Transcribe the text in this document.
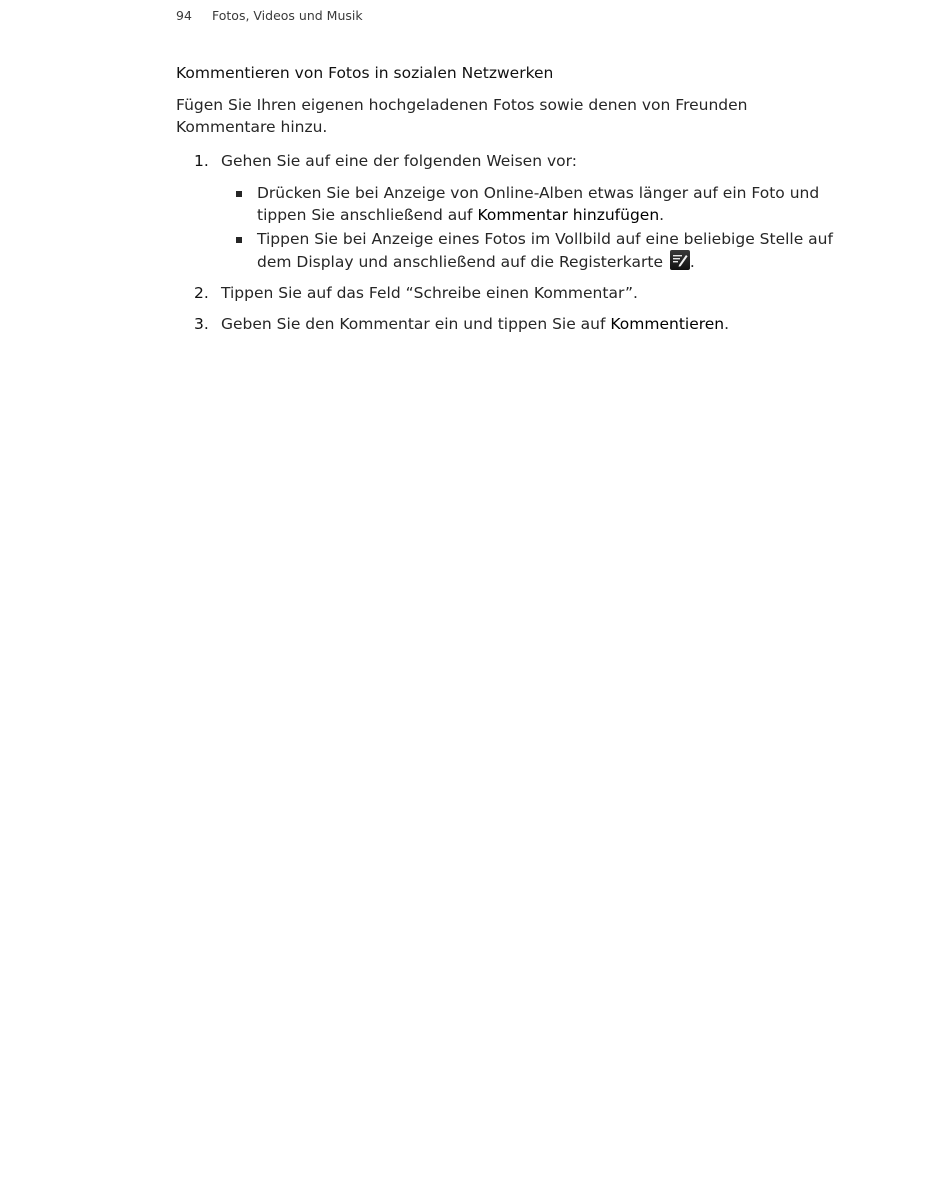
94 Fotos, Videos und Musik
Kommentieren von Fotos in sozialen Netzwerken

Fügen Sie Ihren eigenen hochgeladenen Fotos sowie denen von Freunden Kommentare hinzu.

1. Gehen Sie auf eine der folgenden Weisen vor:
Drücken Sie bei Anzeige von Online-Alben etwas länger auf ein Foto und tippen Sie anschließend auf Kommentar hinzufügen.
Tippen Sie bei Anzeige eines Fotos im Vollbild auf eine beliebige Stelle auf dem Display und anschließend auf die Registerkarte .
2. Tippen Sie auf das Feld “Schreibe einen Kommentar”.
3. Geben Sie den Kommentar ein und tippen Sie auf Kommentieren.
